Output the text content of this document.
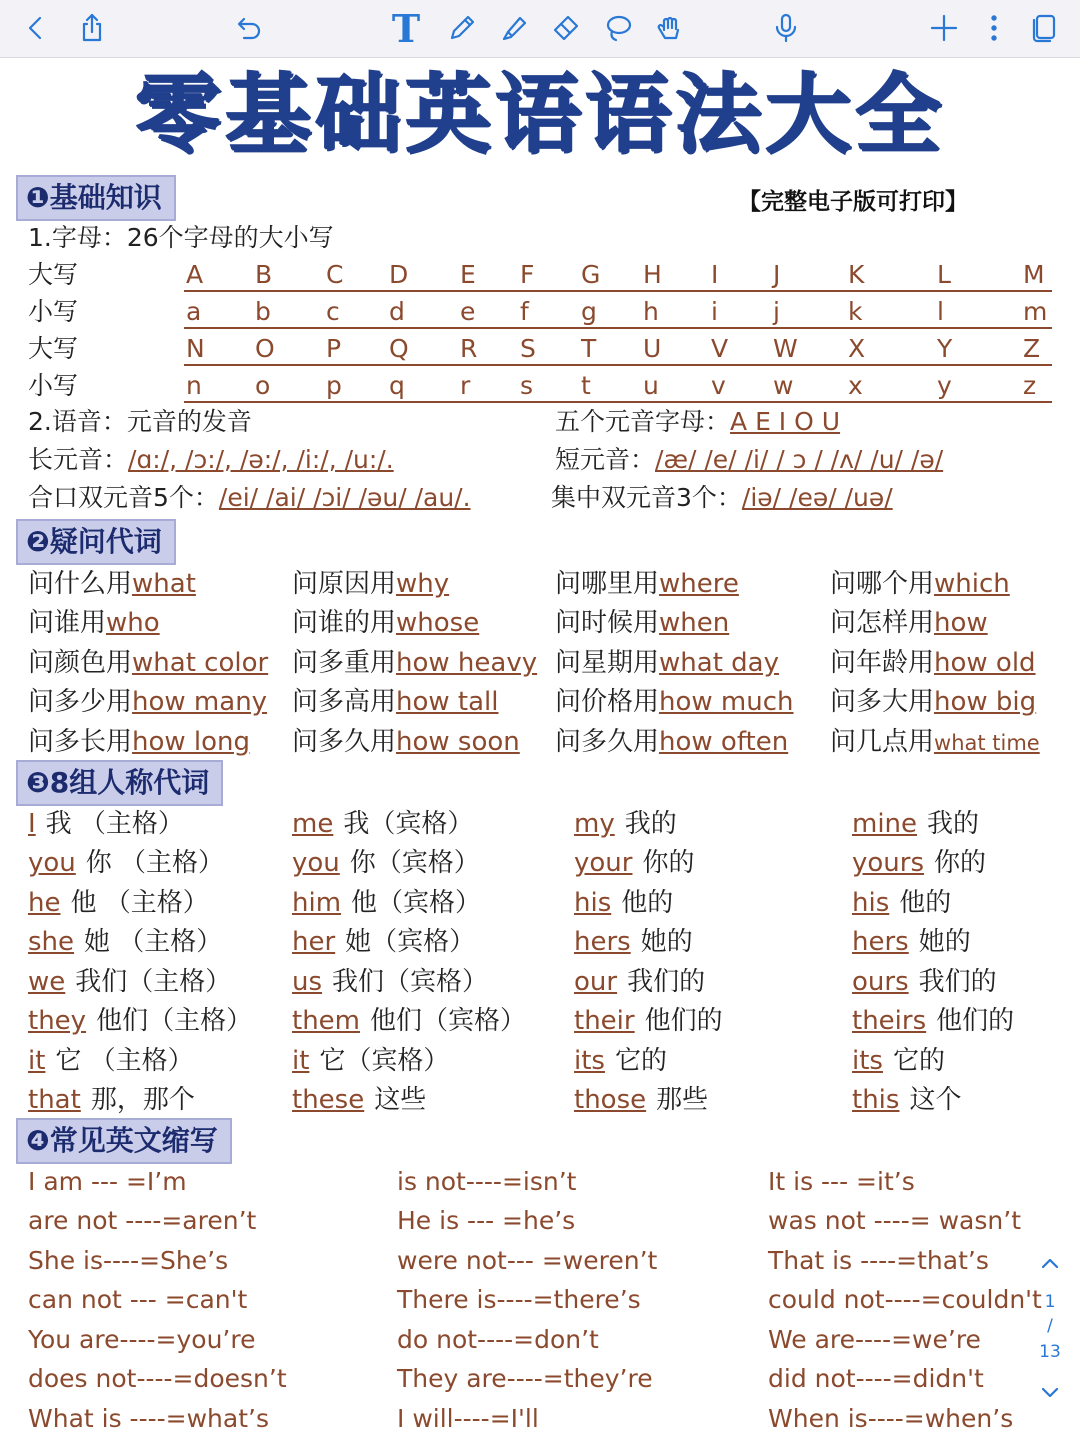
T
零基础英语语法大全
❶基础知识	【完整电子版可打印】
1.字母：26个字母的大小写
大写	A B C D E F G H I J	K	L	M
小写	a b c d e f g h i j	k	l	m
大写	N O P Q R S T U V W X	Y	Z
小写	n o p q r s t u v w x	y	z
2.语音：元音的发音	五个元音字母：A E I O U
长元音：/ɑ:/, /ɔ:/, /ə:/, /i:/, /u:/.	短元音：/æ/ /e/ /i/ / ɔ / /ʌ/ /u/ /ə/
合口双元音5个：/ei/ /ai/ /ɔi/ /əu/ /au/.	集中双元音3个：/iə/ /eə/ /uə/
❷疑问代词
问什么用what	问原因用why	问哪里用where	问哪个用which
问谁用who	问谁的用whose	问时候用when	问怎样用how
问颜色用what color 问多重用how heavy 问星期用what day 问年龄用how old
问多少用how many 问多高用how tall 问价格用how much 问多大用how big
问多长用how long 问多久用how soon 问多久用how often 问几点用what time
❸8组人称代词
I 我 （主格）	me 我（宾格）	my 我的	mine 我的
you 你 （主格）	you 你（宾格）	your 你的	yours 你的
he 他 （主格）	him 他（宾格）	his 他的	his 他的
she 她 （主格）	her 她（宾格）	hers 她的	hers 她的
we 我们（主格） us 我们（宾格）	our 我们的	ours 我们的
they 他们（主格） them 他们（宾格） their 他们的	theirs 他们的
it 它 （主格）	it 它（宾格）	its 它的	its 它的
that 那，那个	these 这些	those 那些	this 这个
❹常见英文缩写
I am --- =I’m	is not----=isn’t	It is --- =it’s
are not ----=aren’t	He is --- =he’s	was not ----= wasn’t
She is----=She’s	were not--- =weren’t	That is ----=that’s
can not --- =can't	There is----=there’s	could not----=couldn't
You are----=you’re	do not----=don’t	We are----=we’re
does not----=doesn’t	They are----=they’re	did not----=didn't
What is ----=what’s	I will----=I'll	When is----=when’s
1
/
13
